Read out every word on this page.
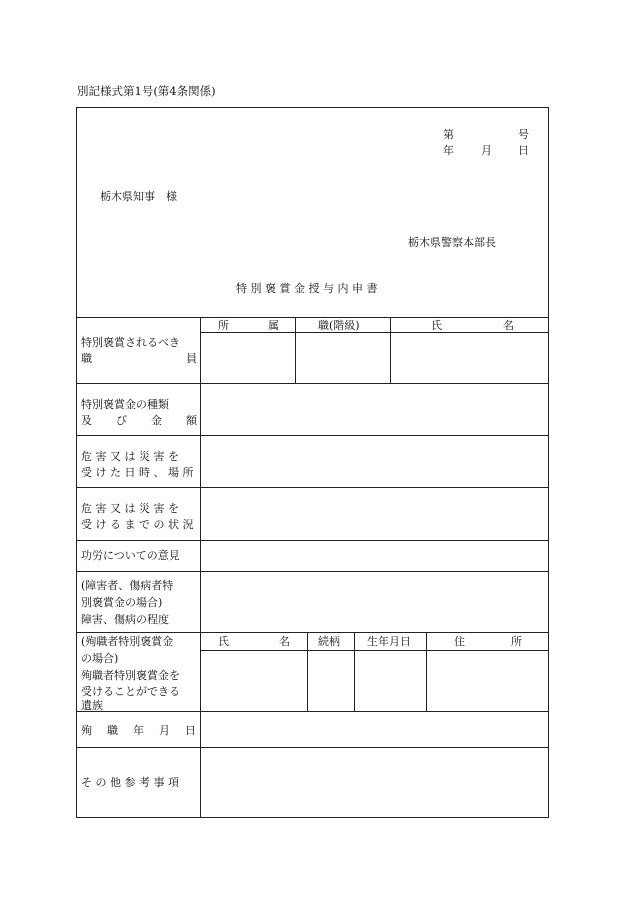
別記様式第1号(第4条関係)
第	号
年 月 日
栃木県知事　様
栃木県警察本部長
特 別 褒 賞 金 授 与 内 申 書
特別褒賞されるべき
職	員
所	属	職(階級)	氏	名
特別褒賞金の種類
及 び 金 額
危 害 又 は 災 害 を
受 け た 日 時 、 場 所
危 害 又 は 災 害 を
受 け る ま で の 状 況
功労についての意見
(障害者、傷病者特
別褒賞金の場合)
障害、傷病の程度
(殉職者特別褒賞金
の場合)
殉職者特別褒賞金を
受けることができる
遺族
氏	名	続柄 生年月日	住	所
殉 職 年 月 日
そ の 他 参 考 事 項
